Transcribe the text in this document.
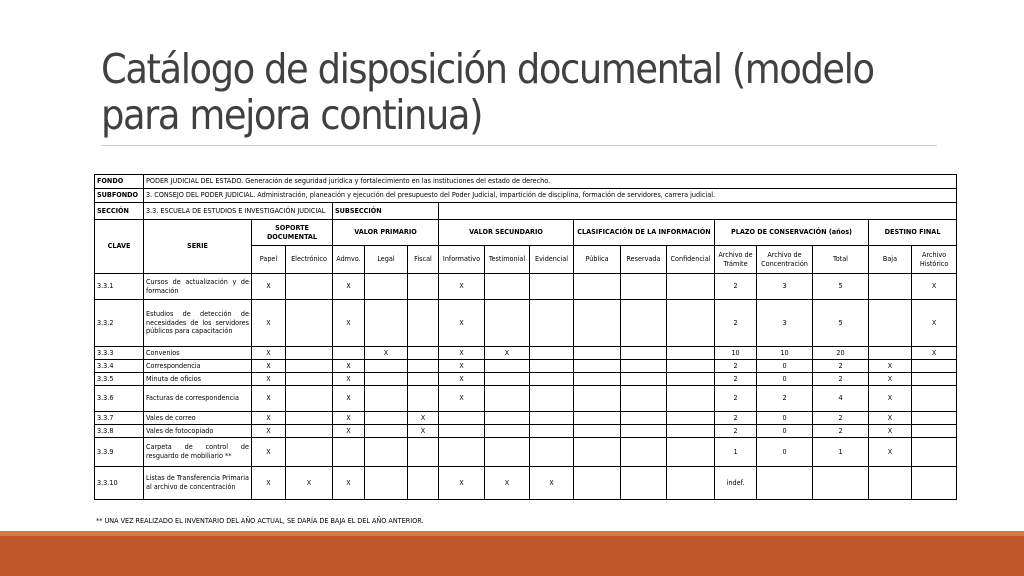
Catálogo de disposición documental (modelo para mejora continua)
FONDO	PODER JUDICIAL DEL ESTADO. Generación de seguridad jurídica y fortalecimiento en las instituciones del estado de derecho.																
SUBFONDO	3. CONSEJO DEL PODER JUDICIAL. Administración, planeación y ejecución del presupuesto del Poder Judicial, impartición de disciplina, formación de servidores, carrera judicial.																
SECCIÓN	3.3. ESCUELA DE ESTUDIOS E INVESTIGACIÓN JUDICIAL			SUBSECCIÓN													
CLAVE	SERIE	SOPORTE DOCUMENTAL		VALOR PRIMARIO			VALOR SECUNDARIO			CLASIFICACIÓN DE LA INFORMACIÓN			PLAZO DE CONSERVACIÓN (años)			DESTINO FINAL	
		Papel	Electrónico	Admvo.	Legal	Fiscal	Informativo	Testimonial	Evidencial	Pública	Reservada	Confidencial	Archivo de Trámite	Archivo de Concentración	Total	Baja	Archivo Histórico
3.3.1	Cursos de actualización y de formación	X		X			X						2	3	5		X
3.3.2	Estudios de detección de necesidades de los servidores públicos para capacitación	X		X			X						2	3	5		X
3.3.3	Convenios	X			X		X	X					10	10	20		X
3.3.4	Correspondencia	X		X			X						2	0	2	X	
3.3.5	Minuta de oficios	X		X			X						2	0	2	X	
3.3.6	Facturas de correspondencia	X		X			X						2	2	4	X	
3.3.7	Vales de correo	X		X		X							2	0	2	X	
3.3.8	Vales de fotocopiado	X		X		X							2	0	2	X	
3.3.9	Carpeta de control de resguardo de mobiliario **	X											1	0	1	X	
3.3.10	Listas de Transferencia Primaria al archivo de concentración	X	X	X			X	X	X				indef.				
** UNA VEZ REALIZADO EL INVENTARIO DEL AÑO ACTUAL, SE DARÍA DE BAJA EL DEL AÑO ANTERIOR.
